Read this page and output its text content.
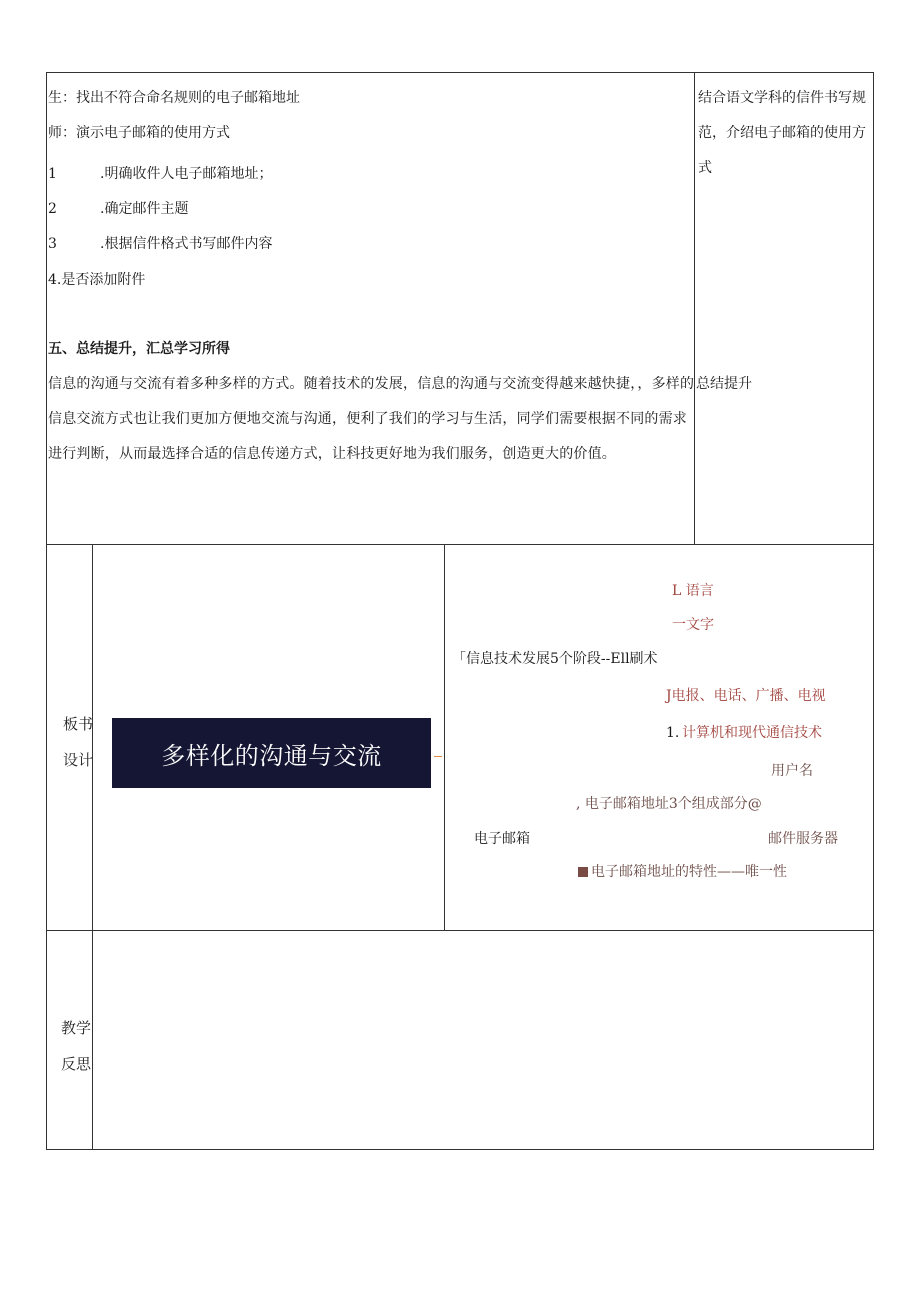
生：找出不符合命名规则的电子邮箱地址
师：演示电子邮箱的使用方式
1	.明确收件人电子邮箱地址；
2	.确定邮件主题
3	.根据信件格式书写邮件内容
4.是否添加附件
五、总结提升，汇总学习所得
信息的沟通与交流有着多种多样的方式。随着技术的发展，信息的沟通与交流变得越来越快捷，，多样的信息交流方式也让我们更加方便地交流与沟通，便利了我们的学习与生活，同学们需要根据不同的需求进行判断，从而最选择合适的信息传递方式，让科技更好地为我们服务，创造更大的价值。
结合语文学科的信件书写规范，介绍电子邮箱的使用方式
总结提升
板书设计	多样化的沟通与交流
L 语言
一文字
「信息技术发展5个阶段--Ell刷术
J电报、电话、广播、电视
1. 计算机和现代通信技术
用户名
, 电子邮箱地址3个组成部分@
电子邮箱	邮件服务器
电子邮箱地址的特性——唯一性
教学反思
